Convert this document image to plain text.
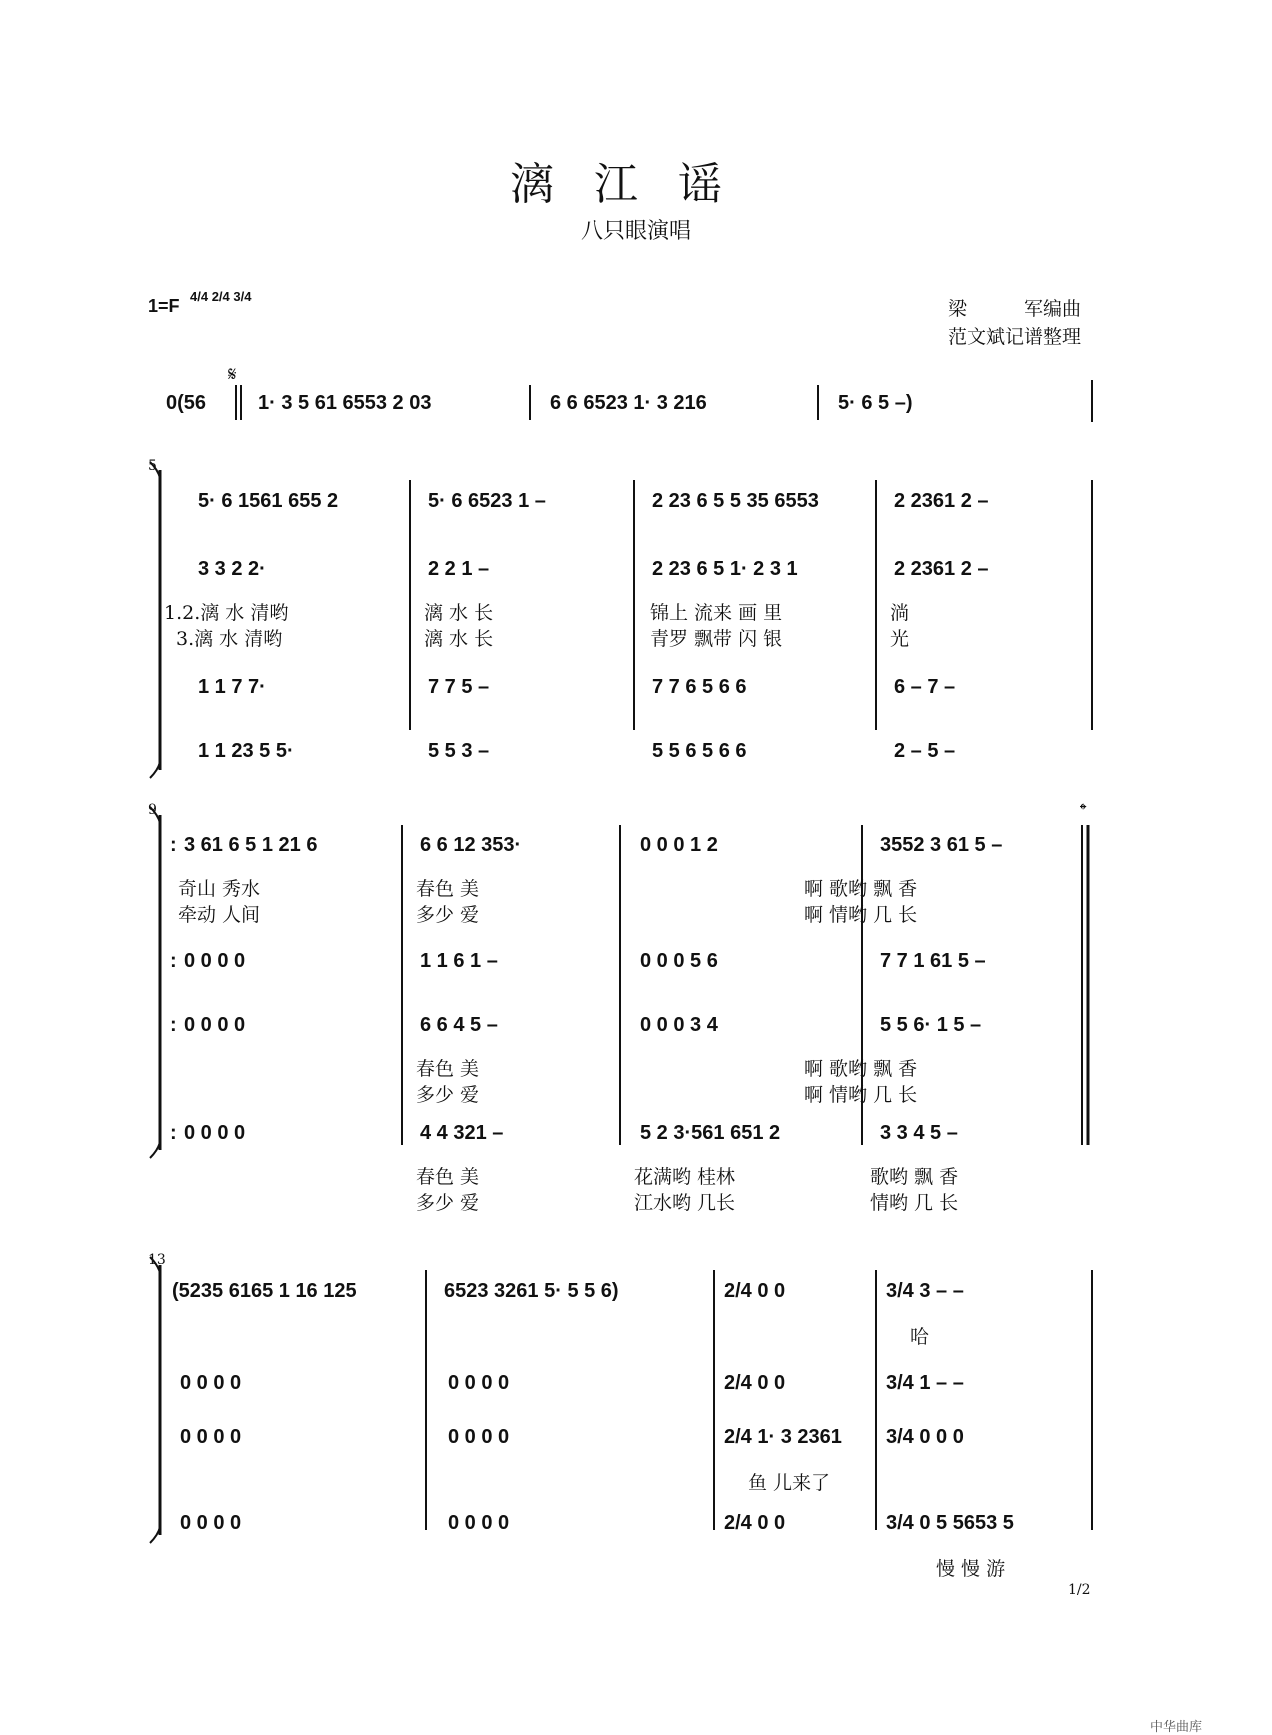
漓江谣
八只眼演唱
1=F 4/4 2/4 3/4
梁　　　军编曲
范文斌记谱整理
𝄋
𝄌
0(56	1· 3 5 61 6553 2 03	6 6 6523 1· 3 216	5· 6 5 –)
5
5· 6 1561 655 2	5· 6 6523 1 –	2 23 6 5 5 35 6553	2 2361 2 –
3 3 2 2·	2 2 1 –	2 23 6 5 1· 2 3 1	2 2361 2 –
1.2.漓 水 清哟	漓 水 长	锦上 流来 画 里	淌
3.漓 水 清哟	漓 水 长	青罗 飘带 闪 银	光
1 1 7 7·	7 7 5 –	7 7 6 5 6 6	6 – 7 –
1 1 23 5 5·	5 5 3 –	5 5 6 5 6 6	2 – 5 –
9
: 3 61 6 5 1 21 6	6 6 12 353·	0 0 0 1 2	3552 3 61 5 –
奇山 秀水	春色 美	啊 歌哟 飘 香
牵动 人间	多少 爱	啊 情哟 几 长
: 0 0 0 0	1 1 6 1 –	0 0 0 5 6	7 7 1 61 5 –
: 0 0 0 0	6 6 4 5 –	0 0 0 3 4	5 5 6· 1 5 –
春色 美	啊 歌哟 飘 香
多少 爱	啊 情哟 几 长
: 0 0 0 0	4 4 321 –	5 2 3·561 651 2	3 3 4 5 –
春色 美	花满哟 桂林	歌哟 飘 香
多少 爱	江水哟 几长	情哟 几 长
13
(5235 6165 1 16 125	6523 3261 5· 5 5 6)	2/4 0 0	3/4 3 – –
哈
0 0 0 0	0 0 0 0	2/4 0 0	3/4 1 – –
0 0 0 0	0 0 0 0	2/4 1· 3 2361 3/4 0 0 0
鱼 儿来了
0 0 0 0	0 0 0 0	2/4 0 0	3/4 0 5 5653 5
慢 慢 游
1/2
中华曲库
